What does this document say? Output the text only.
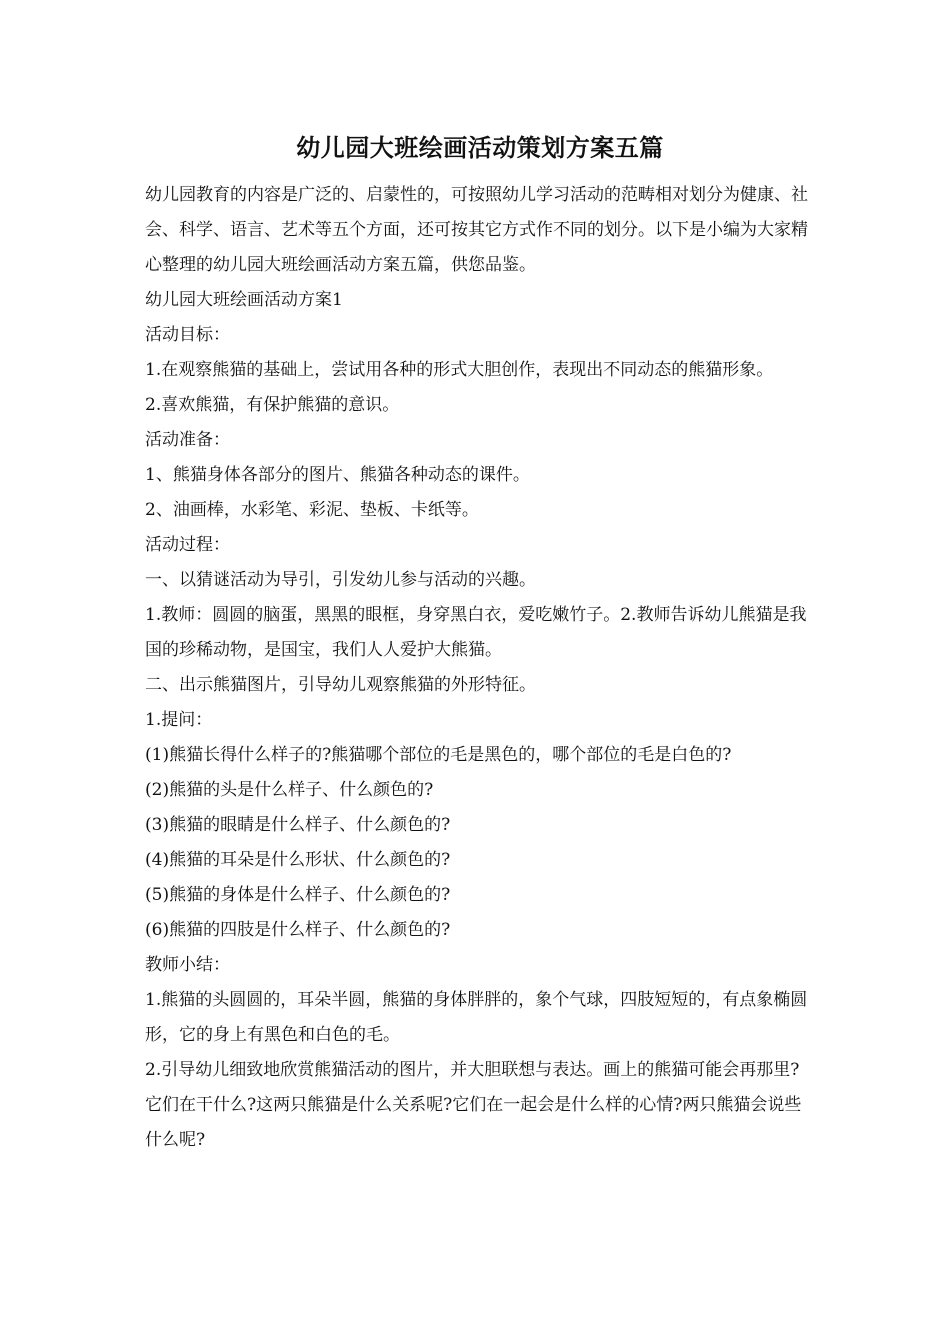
幼儿园大班绘画活动策划方案五篇

幼儿园教育的内容是广泛的、启蒙性的，可按照幼儿学习活动的范畴相对划分为健康、社会、科学、语言、艺术等五个方面，还可按其它方式作不同的划分。以下是小编为大家精心整理的幼儿园大班绘画活动方案五篇，供您品鉴。

幼儿园大班绘画活动方案1

活动目标：

1.在观察熊猫的基础上，尝试用各种的形式大胆创作，表现出不同动态的熊猫形象。

2.喜欢熊猫，有保护熊猫的意识。

活动准备：

1、熊猫身体各部分的图片、熊猫各种动态的课件。

2、油画棒，水彩笔、彩泥、垫板、卡纸等。

活动过程：

一、以猜谜活动为导引，引发幼儿参与活动的兴趣。

1.教师：圆圆的脑蛋，黑黑的眼框，身穿黑白衣，爱吃嫩竹子。2.教师告诉幼儿熊猫是我国的珍稀动物，是国宝，我们人人爱护大熊猫。

二、出示熊猫图片，引导幼儿观察熊猫的外形特征。

1.提问：

(1)熊猫长得什么样子的?熊猫哪个部位的毛是黑色的，哪个部位的毛是白色的?

(2)熊猫的头是什么样子、什么颜色的?

(3)熊猫的眼睛是什么样子、什么颜色的?

(4)熊猫的耳朵是什么形状、什么颜色的?

(5)熊猫的身体是什么样子、什么颜色的?

(6)熊猫的四肢是什么样子、什么颜色的?

教师小结：

1.熊猫的头圆圆的，耳朵半圆，熊猫的身体胖胖的，象个气球，四肢短短的，有点象椭圆形，它的身上有黑色和白色的毛。

2.引导幼儿细致地欣赏熊猫活动的图片，并大胆联想与表达。画上的熊猫可能会再那里?它们在干什么?这两只熊猫是什么关系呢?它们在一起会是什么样的心情?两只熊猫会说些什么呢?
